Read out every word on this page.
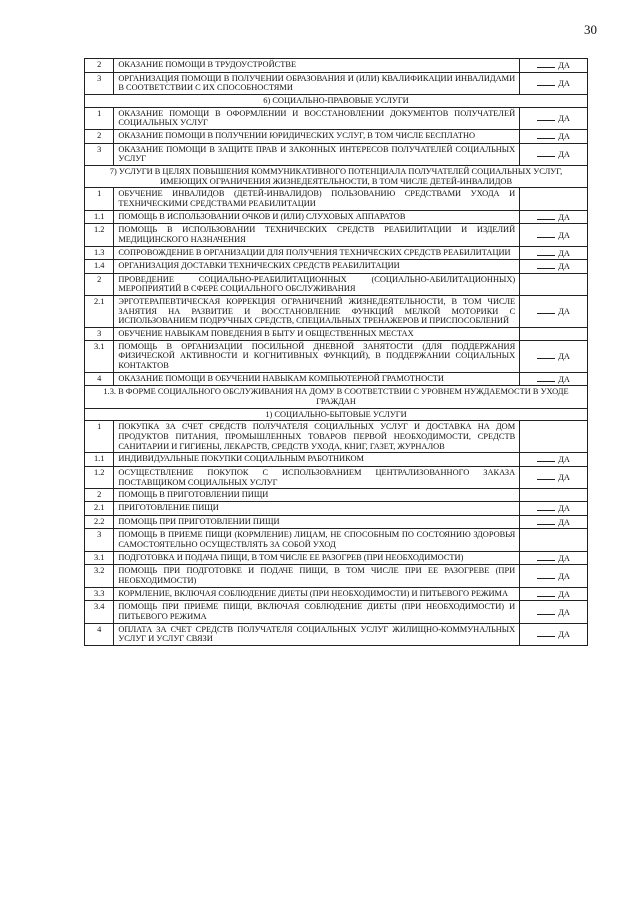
30
2	ОКАЗАНИЕ ПОМОЩИ В ТРУДОУСТРОЙСТВЕ	ДА
3	ОРГАНИЗАЦИЯ ПОМОЩИ В ПОЛУЧЕНИИ ОБРАЗОВАНИЯ И (ИЛИ) КВАЛИФИКАЦИИ ИНВАЛИДАМИ В СООТВЕТСТВИИ С ИХ СПОСОБНОСТЯМИ	ДА
6) СОЦИАЛЬНО-ПРАВОВЫЕ УСЛУГИ		
1	ОКАЗАНИЕ ПОМОЩИ В ОФОРМЛЕНИИ И ВОССТАНОВЛЕНИИ ДОКУМЕНТОВ ПОЛУЧАТЕЛЕЙ СОЦИАЛЬНЫХ УСЛУГ	ДА
2	ОКАЗАНИЕ ПОМОЩИ В ПОЛУЧЕНИИ ЮРИДИЧЕСКИХ УСЛУГ, В ТОМ ЧИСЛЕ БЕСПЛАТНО	ДА
3	ОКАЗАНИЕ ПОМОЩИ В ЗАЩИТЕ ПРАВ И ЗАКОННЫХ ИНТЕРЕСОВ ПОЛУЧАТЕЛЕЙ СОЦИАЛЬНЫХ УСЛУГ	ДА
7) УСЛУГИ В ЦЕЛЯХ ПОВЫШЕНИЯ КОММУНИКАТИВНОГО ПОТЕНЦИАЛА ПОЛУЧАТЕЛЕЙ СОЦИАЛЬНЫХ УСЛУГ, ИМЕЮЩИХ ОГРАНИЧЕНИЯ ЖИЗНЕДЕЯТЕЛЬНОСТИ, В ТОМ ЧИСЛЕ ДЕТЕЙ-ИНВАЛИДОВ		
1	ОБУЧЕНИЕ ИНВАЛИДОВ (ДЕТЕЙ-ИНВАЛИДОВ) ПОЛЬЗОВАНИЮ СРЕДСТВАМИ УХОДА И ТЕХНИЧЕСКИМИ СРЕДСТВАМИ РЕАБИЛИТАЦИИ	
1.1	ПОМОЩЬ В ИСПОЛЬЗОВАНИИ ОЧКОВ И (ИЛИ) СЛУХОВЫХ АППАРАТОВ	ДА
1.2	ПОМОЩЬ В ИСПОЛЬЗОВАНИИ ТЕХНИЧЕСКИХ СРЕДСТВ РЕАБИЛИТАЦИИ И ИЗДЕЛИЙ МЕДИЦИНСКОГО НАЗНАЧЕНИЯ	ДА
1.3	СОПРОВОЖДЕНИЕ В ОРГАНИЗАЦИИ ДЛЯ ПОЛУЧЕНИЯ ТЕХНИЧЕСКИХ СРЕДСТВ РЕАБИЛИТАЦИИ	ДА
1.4	ОРГАНИЗАЦИЯ ДОСТАВКИ ТЕХНИЧЕСКИХ СРЕДСТВ РЕАБИЛИТАЦИИ	ДА
2	ПРОВЕДЕНИЕ СОЦИАЛЬНО-РЕАБИЛИТАЦИОННЫХ (СОЦИАЛЬНО-АБИЛИТАЦИОННЫХ) МЕРОПРИЯТИЙ В СФЕРЕ СОЦИАЛЬНОГО ОБСЛУЖИВАНИЯ	
2.1	ЭРГОТЕРАПЕВТИЧЕСКАЯ КОРРЕКЦИЯ ОГРАНИЧЕНИЙ ЖИЗНЕДЕЯТЕЛЬНОСТИ, В ТОМ ЧИСЛЕ ЗАНЯТИЯ НА РАЗВИТИЕ И ВОССТАНОВЛЕНИЕ ФУНКЦИЙ МЕЛКОЙ МОТОРИКИ С ИСПОЛЬЗОВАНИЕМ ПОДРУЧНЫХ СРЕДСТВ, СПЕЦИАЛЬНЫХ ТРЕНАЖЕРОВ И ПРИСПОСОБЛЕНИЙ	ДА
3	ОБУЧЕНИЕ НАВЫКАМ ПОВЕДЕНИЯ В БЫТУ И ОБЩЕСТВЕННЫХ МЕСТАХ	
3.1	ПОМОЩЬ В ОРГАНИЗАЦИИ ПОСИЛЬНОЙ ДНЕВНОЙ ЗАНЯТОСТИ (ДЛЯ ПОДДЕРЖАНИЯ ФИЗИЧЕСКОЙ АКТИВНОСТИ И КОГНИТИВНЫХ ФУНКЦИЙ), В ПОДДЕРЖАНИИ СОЦИАЛЬНЫХ КОНТАКТОВ	ДА
4	ОКАЗАНИЕ ПОМОЩИ В ОБУЧЕНИИ НАВЫКАМ КОМПЬЮТЕРНОЙ ГРАМОТНОСТИ	ДА
1.3. В ФОРМЕ СОЦИАЛЬНОГО ОБСЛУЖИВАНИЯ НА ДОМУ В СООТВЕТСТВИИ С УРОВНЕМ НУЖДАЕМОСТИ В УХОДЕ ГРАЖДАН		
1) СОЦИАЛЬНО-БЫТОВЫЕ УСЛУГИ		
1	ПОКУПКА ЗА СЧЕТ СРЕДСТВ ПОЛУЧАТЕЛЯ СОЦИАЛЬНЫХ УСЛУГ И ДОСТАВКА НА ДОМ ПРОДУКТОВ ПИТАНИЯ, ПРОМЫШЛЕННЫХ ТОВАРОВ ПЕРВОЙ НЕОБХОДИМОСТИ, СРЕДСТВ САНИТАРИИ И ГИГИЕНЫ, ЛЕКАРСТВ, СРЕДСТВ УХОДА, КНИГ, ГАЗЕТ, ЖУРНАЛОВ	
1.1	ИНДИВИДУАЛЬНЫЕ ПОКУПКИ СОЦИАЛЬНЫМ РАБОТНИКОМ	ДА
1.2	ОСУЩЕСТВЛЕНИЕ ПОКУПОК С ИСПОЛЬЗОВАНИЕМ ЦЕНТРАЛИЗОВАННОГО ЗАКАЗА ПОСТАВЩИКОМ СОЦИАЛЬНЫХ УСЛУГ	ДА
2	ПОМОЩЬ В ПРИГОТОВЛЕНИИ ПИЩИ	
2.1	ПРИГОТОВЛЕНИЕ ПИЩИ	ДА
2.2	ПОМОЩЬ ПРИ ПРИГОТОВЛЕНИИ ПИЩИ	ДА
3	ПОМОЩЬ В ПРИЕМЕ ПИЩИ (КОРМЛЕНИЕ) ЛИЦАМ, НЕ СПОСОБНЫМ ПО СОСТОЯНИЮ ЗДОРОВЬЯ САМОСТОЯТЕЛЬНО ОСУЩЕСТВЛЯТЬ ЗА СОБОЙ УХОД	
3.1	ПОДГОТОВКА И ПОДАЧА ПИЩИ, В ТОМ ЧИСЛЕ ЕЕ РАЗОГРЕВ (ПРИ НЕОБХОДИМОСТИ)	ДА
3.2	ПОМОЩЬ ПРИ ПОДГОТОВКЕ И ПОДАЧЕ ПИЩИ, В ТОМ ЧИСЛЕ ПРИ ЕЕ РАЗОГРЕВЕ (ПРИ НЕОБХОДИМОСТИ)	ДА
3.3	КОРМЛЕНИЕ, ВКЛЮЧАЯ СОБЛЮДЕНИЕ ДИЕТЫ (ПРИ НЕОБХОДИМОСТИ) И ПИТЬЕВОГО РЕЖИМА	ДА
3.4	ПОМОЩЬ ПРИ ПРИЕМЕ ПИЩИ, ВКЛЮЧАЯ СОБЛЮДЕНИЕ ДИЕТЫ (ПРИ НЕОБХОДИМОСТИ) И ПИТЬЕВОГО РЕЖИМА	ДА
4	ОПЛАТА ЗА СЧЕТ СРЕДСТВ ПОЛУЧАТЕЛЯ СОЦИАЛЬНЫХ УСЛУГ ЖИЛИЩНО-КОММУНАЛЬНЫХ УСЛУГ И УСЛУГ СВЯЗИ	ДА
